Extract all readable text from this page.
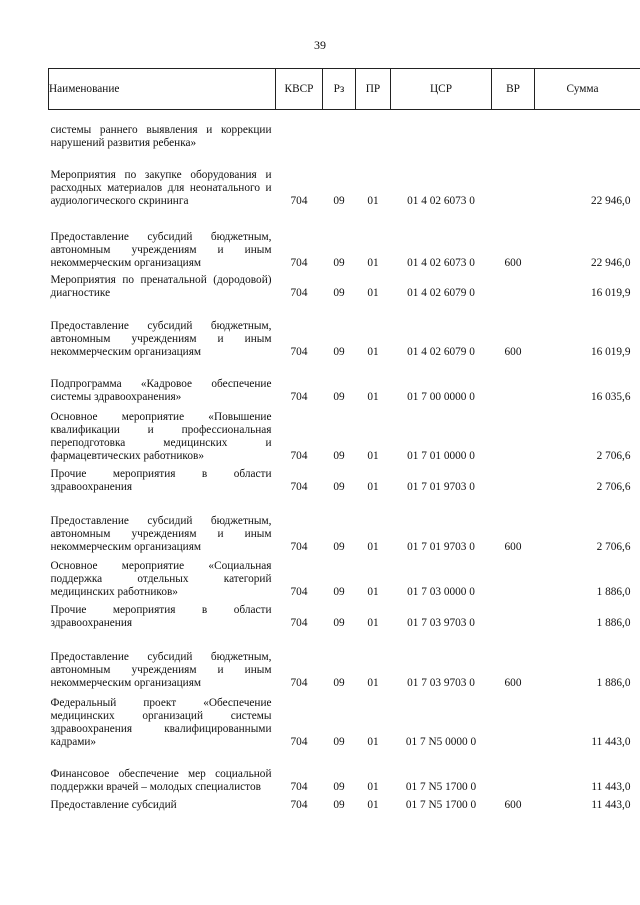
39
Наименование	КВСР	Рз	ПР	ЦСР	ВР	Сумма
системы раннего выявления и коррекции нарушений развития ребенка»						
Мероприятия по закупке оборудования и расходных материалов для неонатального и аудиологического скрининга	704	09	01	01 4 02 6073 0		22 946,0
Предоставление субсидий бюджетным, автономным учреждениям и иным некоммерческим организациям	704	09	01	01 4 02 6073 0	600	22 946,0
Мероприятия по пренатальной (дородовой) диагностике	704	09	01	01 4 02 6079 0		16 019,9
Предоставление субсидий бюджетным, автономным учреждениям и иным некоммерческим организациям	704	09	01	01 4 02 6079 0	600	16 019,9
Подпрограмма «Кадровое обеспечение системы здравоохранения»	704	09	01	01 7 00 0000 0		16 035,6
Основное мероприятие «Повышение квалификации и профессиональная переподготовка медицинских и фармацевтических работников»	704	09	01	01 7 01 0000 0		2 706,6
Прочие мероприятия в области здравоохранения	704	09	01	01 7 01 9703 0		2 706,6
Предоставление субсидий бюджетным, автономным учреждениям и иным некоммерческим организациям	704	09	01	01 7 01 9703 0	600	2 706,6
Основное мероприятие «Социальная поддержка отдельных категорий медицинских работников»	704	09	01	01 7 03 0000 0		1 886,0
Прочие мероприятия в области здравоохранения	704	09	01	01 7 03 9703 0		1 886,0
Предоставление субсидий бюджетным, автономным учреждениям и иным некоммерческим организациям	704	09	01	01 7 03 9703 0	600	1 886,0
Федеральный проект «Обеспечение медицинских организаций системы здравоохранения квалифицированными кадрами»	704	09	01	01 7 N5 0000 0		11 443,0
Финансовое обеспечение мер социальной поддержки врачей – молодых специалистов	704	09	01	01 7 N5 1700 0		11 443,0
Предоставление субсидий	704	09	01	01 7 N5 1700 0	600	11 443,0
